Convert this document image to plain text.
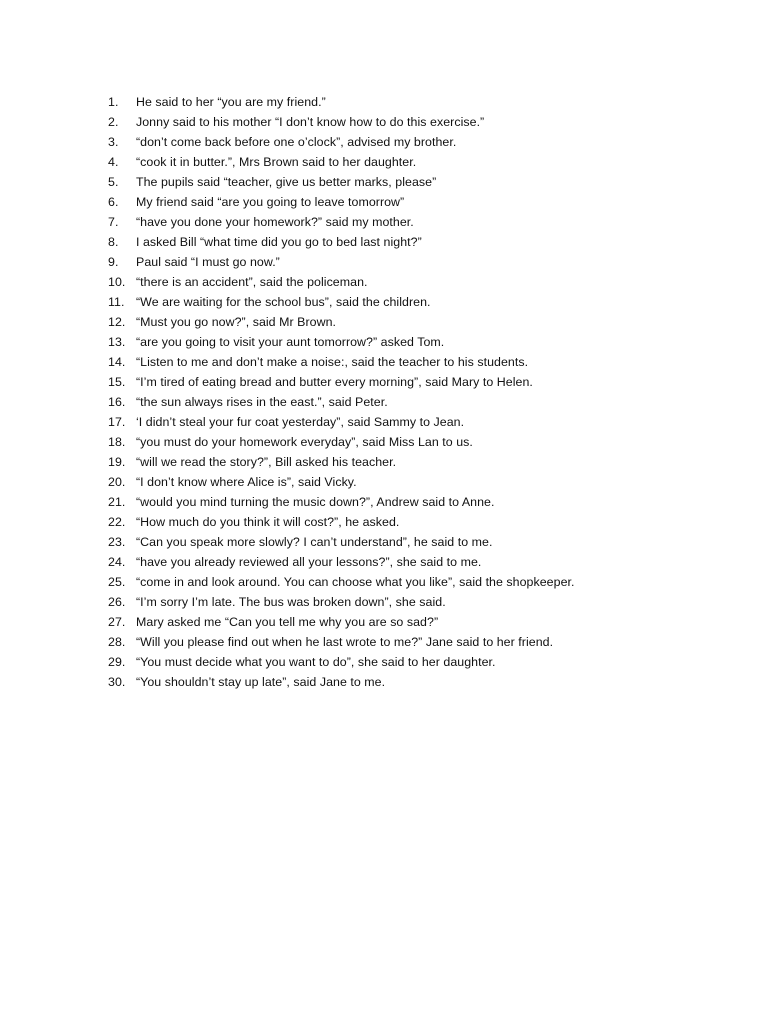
1.	He said to her “you are my friend.”
2.	Jonny said to his mother “I don’t know how to do this exercise.”
3.	“don’t come back before one o’clock”, advised my brother.
4.	“cook it in butter.”, Mrs Brown said to her daughter.
5.	The pupils said “teacher, give us better marks, please”
6.	My friend said “are you going to leave tomorrow”
7.	“have you done your homework?” said my mother.
8.	I asked Bill “what time did you go to bed last night?”
9.	Paul said “I must go now.”
10. “there is an accident”, said the policeman.
11. “We are waiting for the school bus”, said the children.
12. “Must you go now?”, said Mr Brown.
13. “are you going to visit your aunt tomorrow?” asked Tom.
14. “Listen to me and don’t make a noise:, said the teacher to his students.
15. “I’m tired of eating bread and butter every morning”, said Mary to Helen.
16. “the sun always rises in the east.”, said Peter.
17. ‘I didn’t steal your fur coat yesterday”, said Sammy to Jean.
18. “you must do your homework everyday”, said Miss Lan to us.
19. “will we read the story?”, Bill asked his teacher.
20. “I don’t know where Alice is”, said Vicky.
21. “would you mind turning the music down?”, Andrew said to Anne.
22. “How much do you think it will cost?”, he asked.
23. “Can you speak more slowly? I can’t understand”, he said to me.
24. “have you already reviewed all your lessons?”, she said to me.
25. “come in and look around. You can choose what you like”, said the shopkeeper.
26. “I’m sorry I’m late. The bus was broken down”, she said.
27. Mary asked me “Can you tell me why you are so sad?”
28. “Will you please find out when he last wrote to me?” Jane said to her friend.
29. “You must decide what you want to do”, she said to her daughter.
30. “You shouldn’t stay up late”, said Jane to me.
